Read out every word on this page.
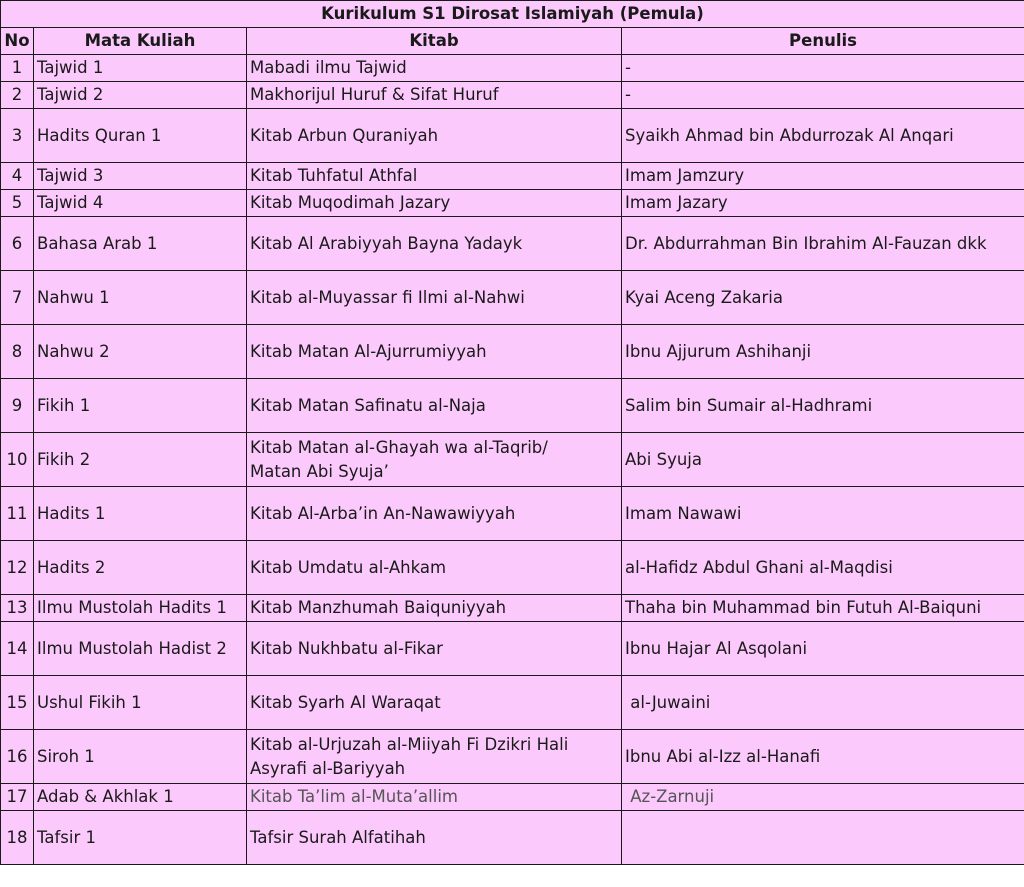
Kurikulum S1 Dirosat Islamiyah (Pemula)			
No	Mata Kuliah	Kitab	Penulis
1	Tajwid 1	Mabadi ilmu Tajwid	-
2	Tajwid 2	Makhorijul Huruf & Sifat Huruf	-
3	Hadits Quran 1	Kitab Arbun Quraniyah	Syaikh Ahmad bin Abdurrozak Al Anqari
4	Tajwid 3	Kitab Tuhfatul Athfal	Imam Jamzury
5	Tajwid 4	Kitab Muqodimah Jazary	Imam Jazary
6	Bahasa Arab 1	Kitab Al Arabiyyah Bayna Yadayk	Dr. Abdurrahman Bin Ibrahim Al-Fauzan dkk
7	Nahwu 1	Kitab al-Muyassar fi Ilmi al-Nahwi	Kyai Aceng Zakaria
8	Nahwu 2	Kitab Matan Al-Ajurrumiyyah	Ibnu Ajjurum Ashihanji
9	Fikih 1	Kitab Matan Safinatu al-Naja	Salim bin Sumair al-Hadhrami
10	Fikih 2	Kitab Matan al-Ghayah wa al-Taqrib/
Matan Abi Syuja’	Abi Syuja
11	Hadits 1	Kitab Al-Arba’in An-Nawawiyyah	Imam Nawawi
12	Hadits 2	Kitab Umdatu al-Ahkam	al-Hafidz Abdul Ghani al-Maqdisi
13	Ilmu Mustolah Hadits 1	Kitab Manzhumah Baiquniyyah	Thaha bin Muhammad bin Futuh Al-Baiquni
14	Ilmu Mustolah Hadist 2	Kitab Nukhbatu al-Fikar	Ibnu Hajar Al Asqolani
15	Ushul Fikih 1	Kitab Syarh Al Waraqat	al-Juwaini
16	Siroh 1	Kitab al-Urjuzah al-Miiyah Fi Dzikri Hali
Asyrafi al-Bariyyah	Ibnu Abi al-Izz al-Hanafi
17	Adab & Akhlak 1	Kitab Ta’lim al-Muta’allim	Az-Zarnuji
18	Tafsir 1	Tafsir Surah Alfatihah	
